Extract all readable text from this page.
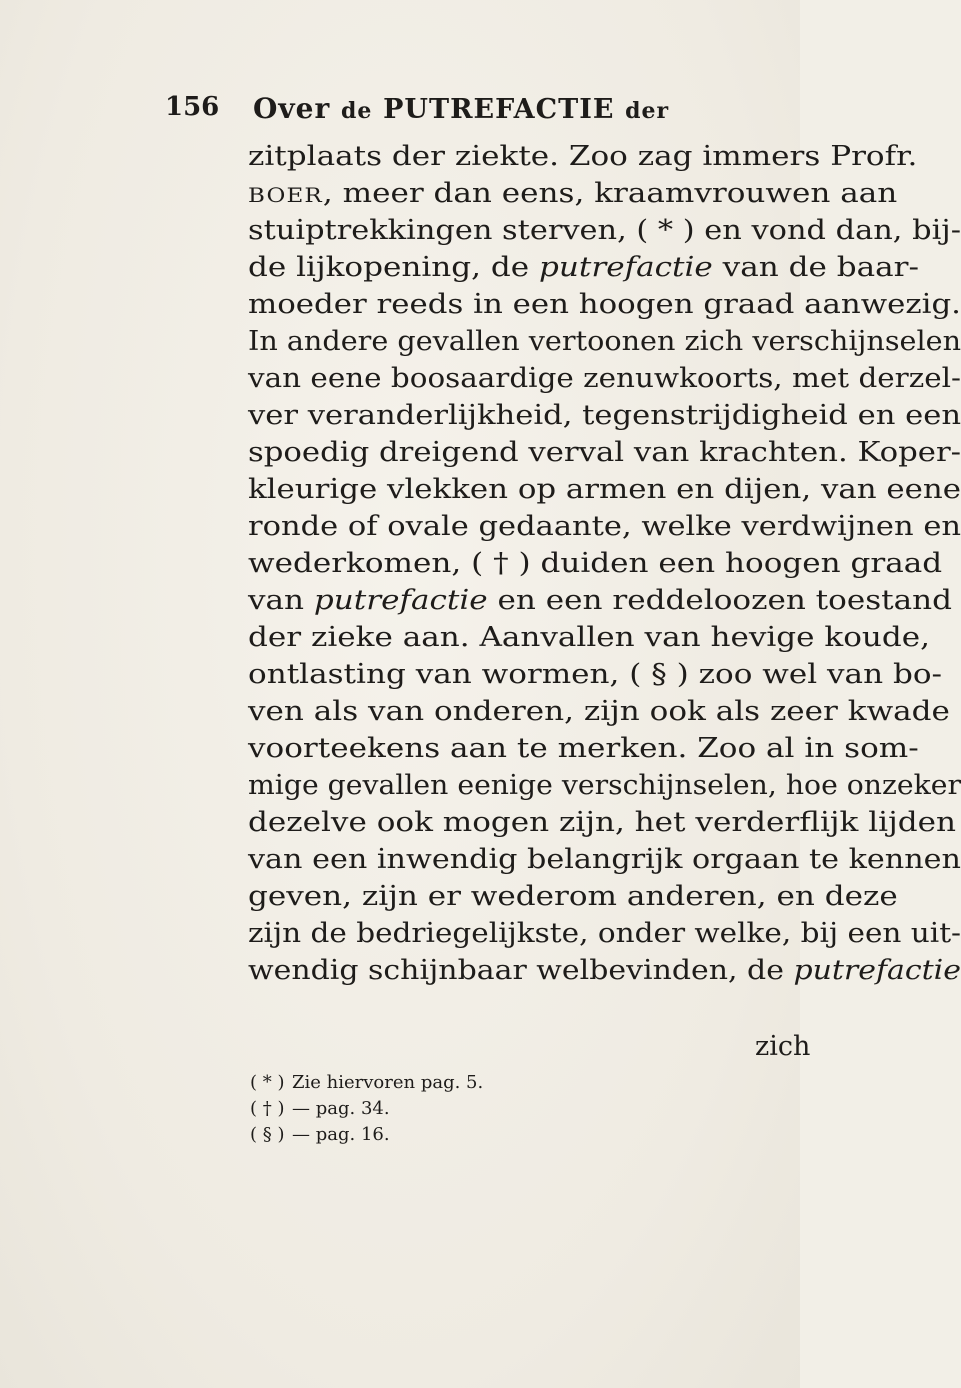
156 Over de PUTREFACTIE der
zitplaats der ziekte. Zoo zag immers Profr.
BOER, meer dan eens, kraamvrouwen aan
stuiptrekkingen sterven, ( * ) en vond dan, bij-
de lijkopening, de putrefactie van de baar-
moeder reeds in een hoogen graad aanwezig.
In andere gevallen vertoonen zich verschijnselen
van eene boosaardige zenuwkoorts, met derzel-
ver veranderlijkheid, tegenstrijdigheid en een
spoedig dreigend verval van krachten. Koper-
kleurige vlekken op armen en dijen, van eene
ronde of ovale gedaante, welke verdwijnen en
wederkomen, ( † ) duiden een hoogen graad
van putrefactie en een reddeloozen toestand
der zieke aan. Aanvallen van hevige koude,
ontlasting van wormen, ( § ) zoo wel van bo-
ven als van onderen, zijn ook als zeer kwade
voorteekens aan te merken. Zoo al in som-
mige gevallen eenige verschijnselen, hoe onzeker
dezelve ook mogen zijn, het verderflijk lijden
van een inwendig belangrijk orgaan te kennen
geven, zijn er wederom anderen, en deze
zijn de bedriegelijkste, onder welke, bij een uit-
wendig schijnbaar welbevinden, de putrefactie
zich
( * ) Zie hiervoren pag. 5.
( † ) — pag. 34.
( § ) — pag. 16.
